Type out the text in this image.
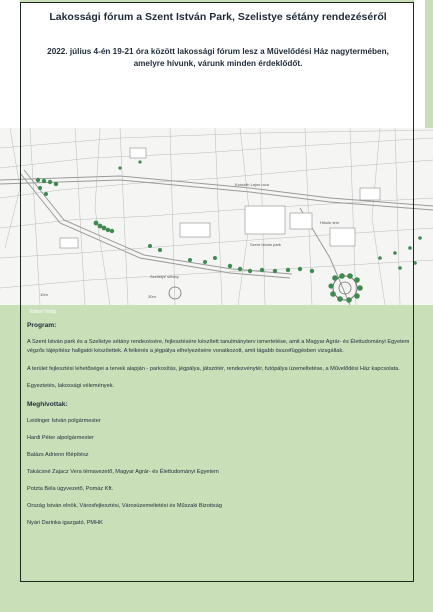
Lakossági fórum a Szent István Park, Szelistye sétány rendezéséről
2022. július 4-én 19-21 óra között lakossági fórum lesz a Művelődési Ház nagytermében,
amelyre hívunk, várunk minden érdeklődőt.
Kossuth Lajos utca
Hősök tere
Szent István park
Szelistye sétány
10m	30m
Ertesi Virág

Program:

A Szent István park és a Szelistye sétány rendezésére, fejlesztésére készített tanulmányterv ismertetése, amit a Magyar Agrár- és Élettudományi Egyetem végzős tájépítész hallgatói készítettek. A felkérés a jégpálya elhelyezésére vonatkozott, amit tágabb összefüggésben vizsgáltak.

A terület fejlesztési lehetőségei a tervek alapján - parkosítás, jégpálya, játszótér, rendezvénytér, futópálya üzemeltetése, a Művelődési Ház kapcsolata.

Egyeztetés, lakossági vélemények.

Meghívottak:

Leidinger István polgármester

Hardi Péter alpolgármester

Balázs Adrienn főépítész

Takácsné Zajacz Vera témavezető, Magyar Agrár- és Élettudományi Egyetem

Potzta Béla ügyvezető, Pomáz Kft.

Ország István elnök, Városfejlesztési, Városüzemeltetési és Műszaki Bizottság

Nyári Darinka igazgató, PMHK
